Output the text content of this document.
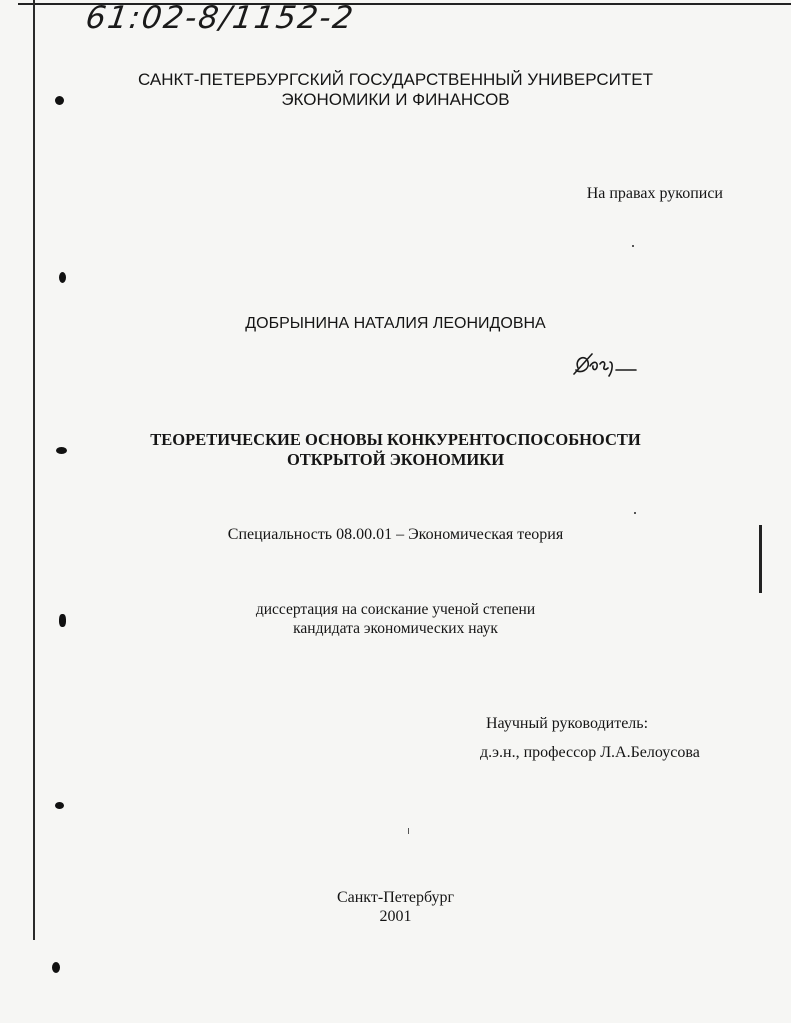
61:02-8/1152-2
САНКТ-ПЕТЕРБУРГСКИЙ ГОСУДАРСТВЕННЫЙ УНИВЕРСИТЕТ
ЭКОНОМИКИ И ФИНАНСОВ
На правах рукописи
ДОБРЫНИНА НАТАЛИЯ ЛЕОНИДОВНА
ТЕОРЕТИЧЕСКИЕ ОСНОВЫ КОНКУРЕНТОСПОСОБНОСТИ
ОТКРЫТОЙ ЭКОНОМИКИ
Специальность 08.00.01 – Экономическая теория
диссертация на соискание ученой степени
кандидата экономических наук
Научный руководитель:
д.э.н., профессор Л.А.Белоусова
Санкт-Петербург
2001
